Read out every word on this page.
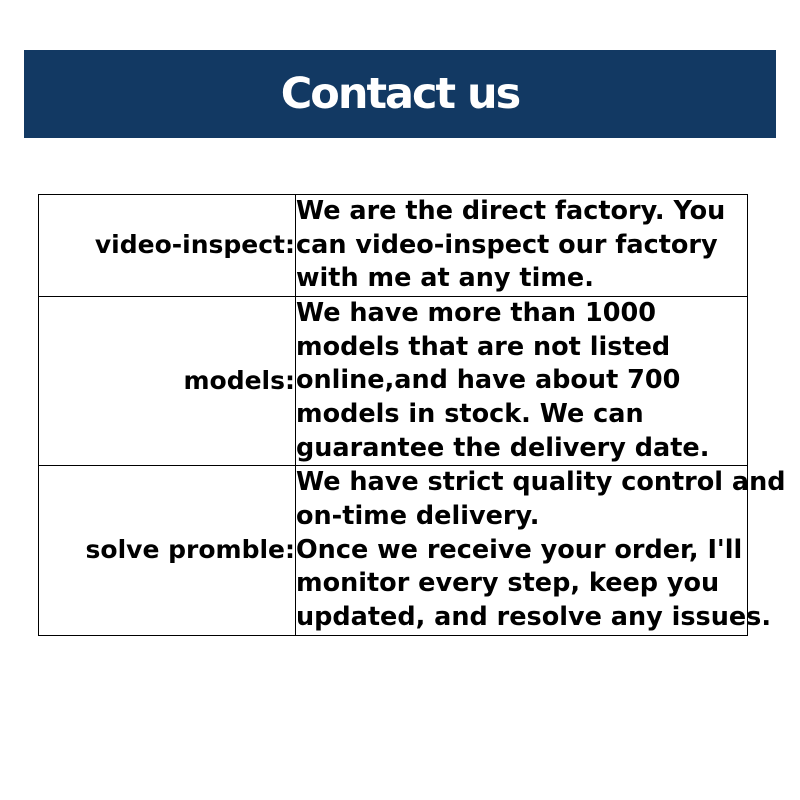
Contact us
video-inspect:	We are the direct factory. You
can video-inspect our factory
with me at any time.

models:	We have more than 1000
models that are not listed
online,and have about 700
models in stock. We can
guarantee the delivery date.

solve promble:	We have strict quality control and
on-time delivery.
Once we receive your order, I'll
monitor every step, keep you
updated, and resolve any issues.
